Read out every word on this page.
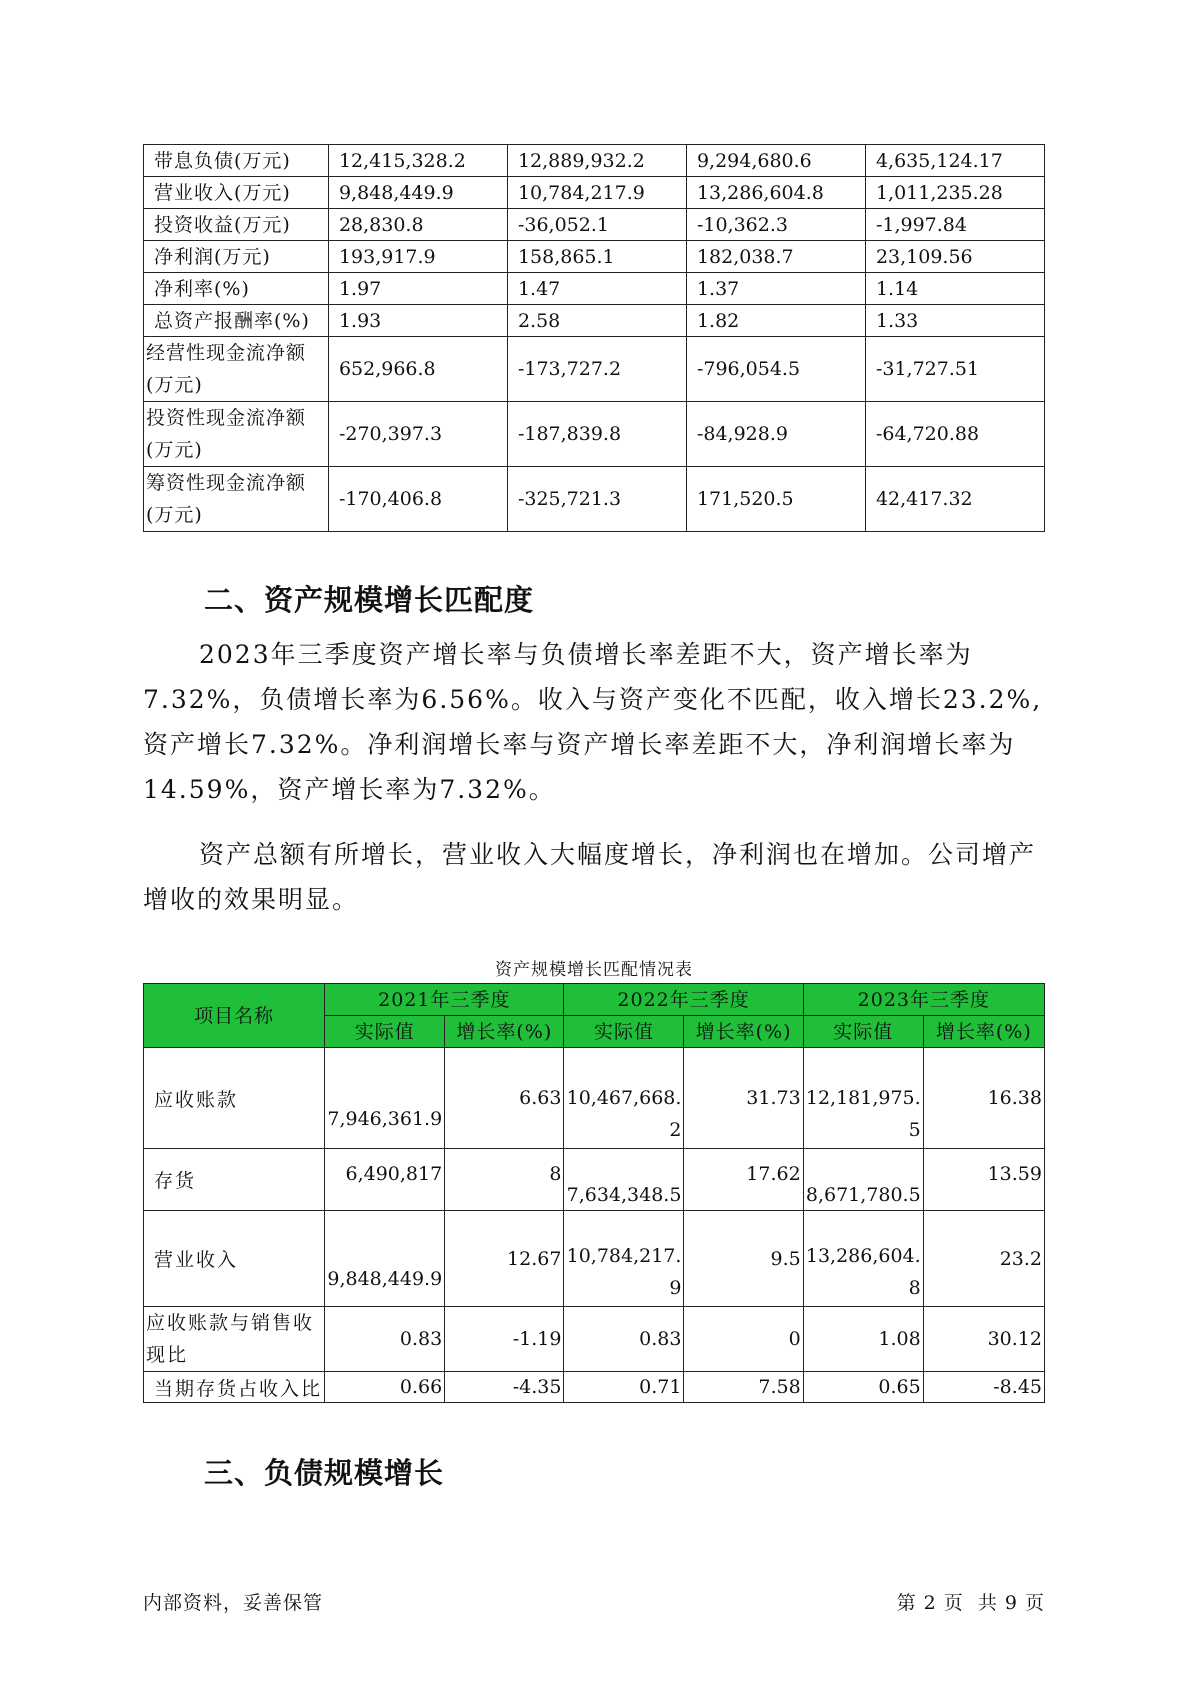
带息负债(万元)	12,415,328.2	12,889,932.2	9,294,680.6	4,635,124.17
营业收入(万元)	9,848,449.9	10,784,217.9	13,286,604.8	1,011,235.28
投资收益(万元)	28,830.8	-36,052.1	-10,362.3	-1,997.84
净利润(万元)	193,917.9	158,865.1	182,038.7	23,109.56
净利率(%)	1.97	1.47	1.37	1.14
总资产报酬率(%)	1.93	2.58	1.82	1.33
经营性现金流净额(万元)	652,966.8	-173,727.2	-796,054.5	-31,727.51
投资性现金流净额(万元)	-270,397.3	-187,839.8	-84,928.9	-64,720.88
筹资性现金流净额(万元)	-170,406.8	-325,721.3	171,520.5	42,417.32
二、资产规模增长匹配度

2023年三季度资产增长率与负债增长率差距不大，资产增长率为7.32%，负债增长率为6.56%。收入与资产变化不匹配，收入增长23.2%,资产增长7.32%。净利润增长率与资产增长率差距不大，净利润增长率为14.59%，资产增长率为7.32%。

资产总额有所增长，营业收入大幅度增长，净利润也在增加。公司增产增收的效果明显。

资产规模增长匹配情况表
项目名称	2021年三季度		2022年三季度		2023年三季度	
	实际值	增长率(%)	实际值	增长率(%)	实际值	增长率(%)
应收账款	7,946,361.9	6.63	10,467,668.2	31.73	12,181,975.5	16.38
存货	6,490,817	8	7,634,348.5	17.62	8,671,780.5	13.59
营业收入	9,848,449.9	12.67	10,784,217.9	9.5	13,286,604.8	23.2
应收账款与销售收现比	0.83	-1.19	0.83	0	1.08	30.12
当期存货占收入比	0.66	-4.35	0.71	7.58	0.65	-8.45
三、负债规模增长
内部资料，妥善保管	第 2 页  共 9 页
